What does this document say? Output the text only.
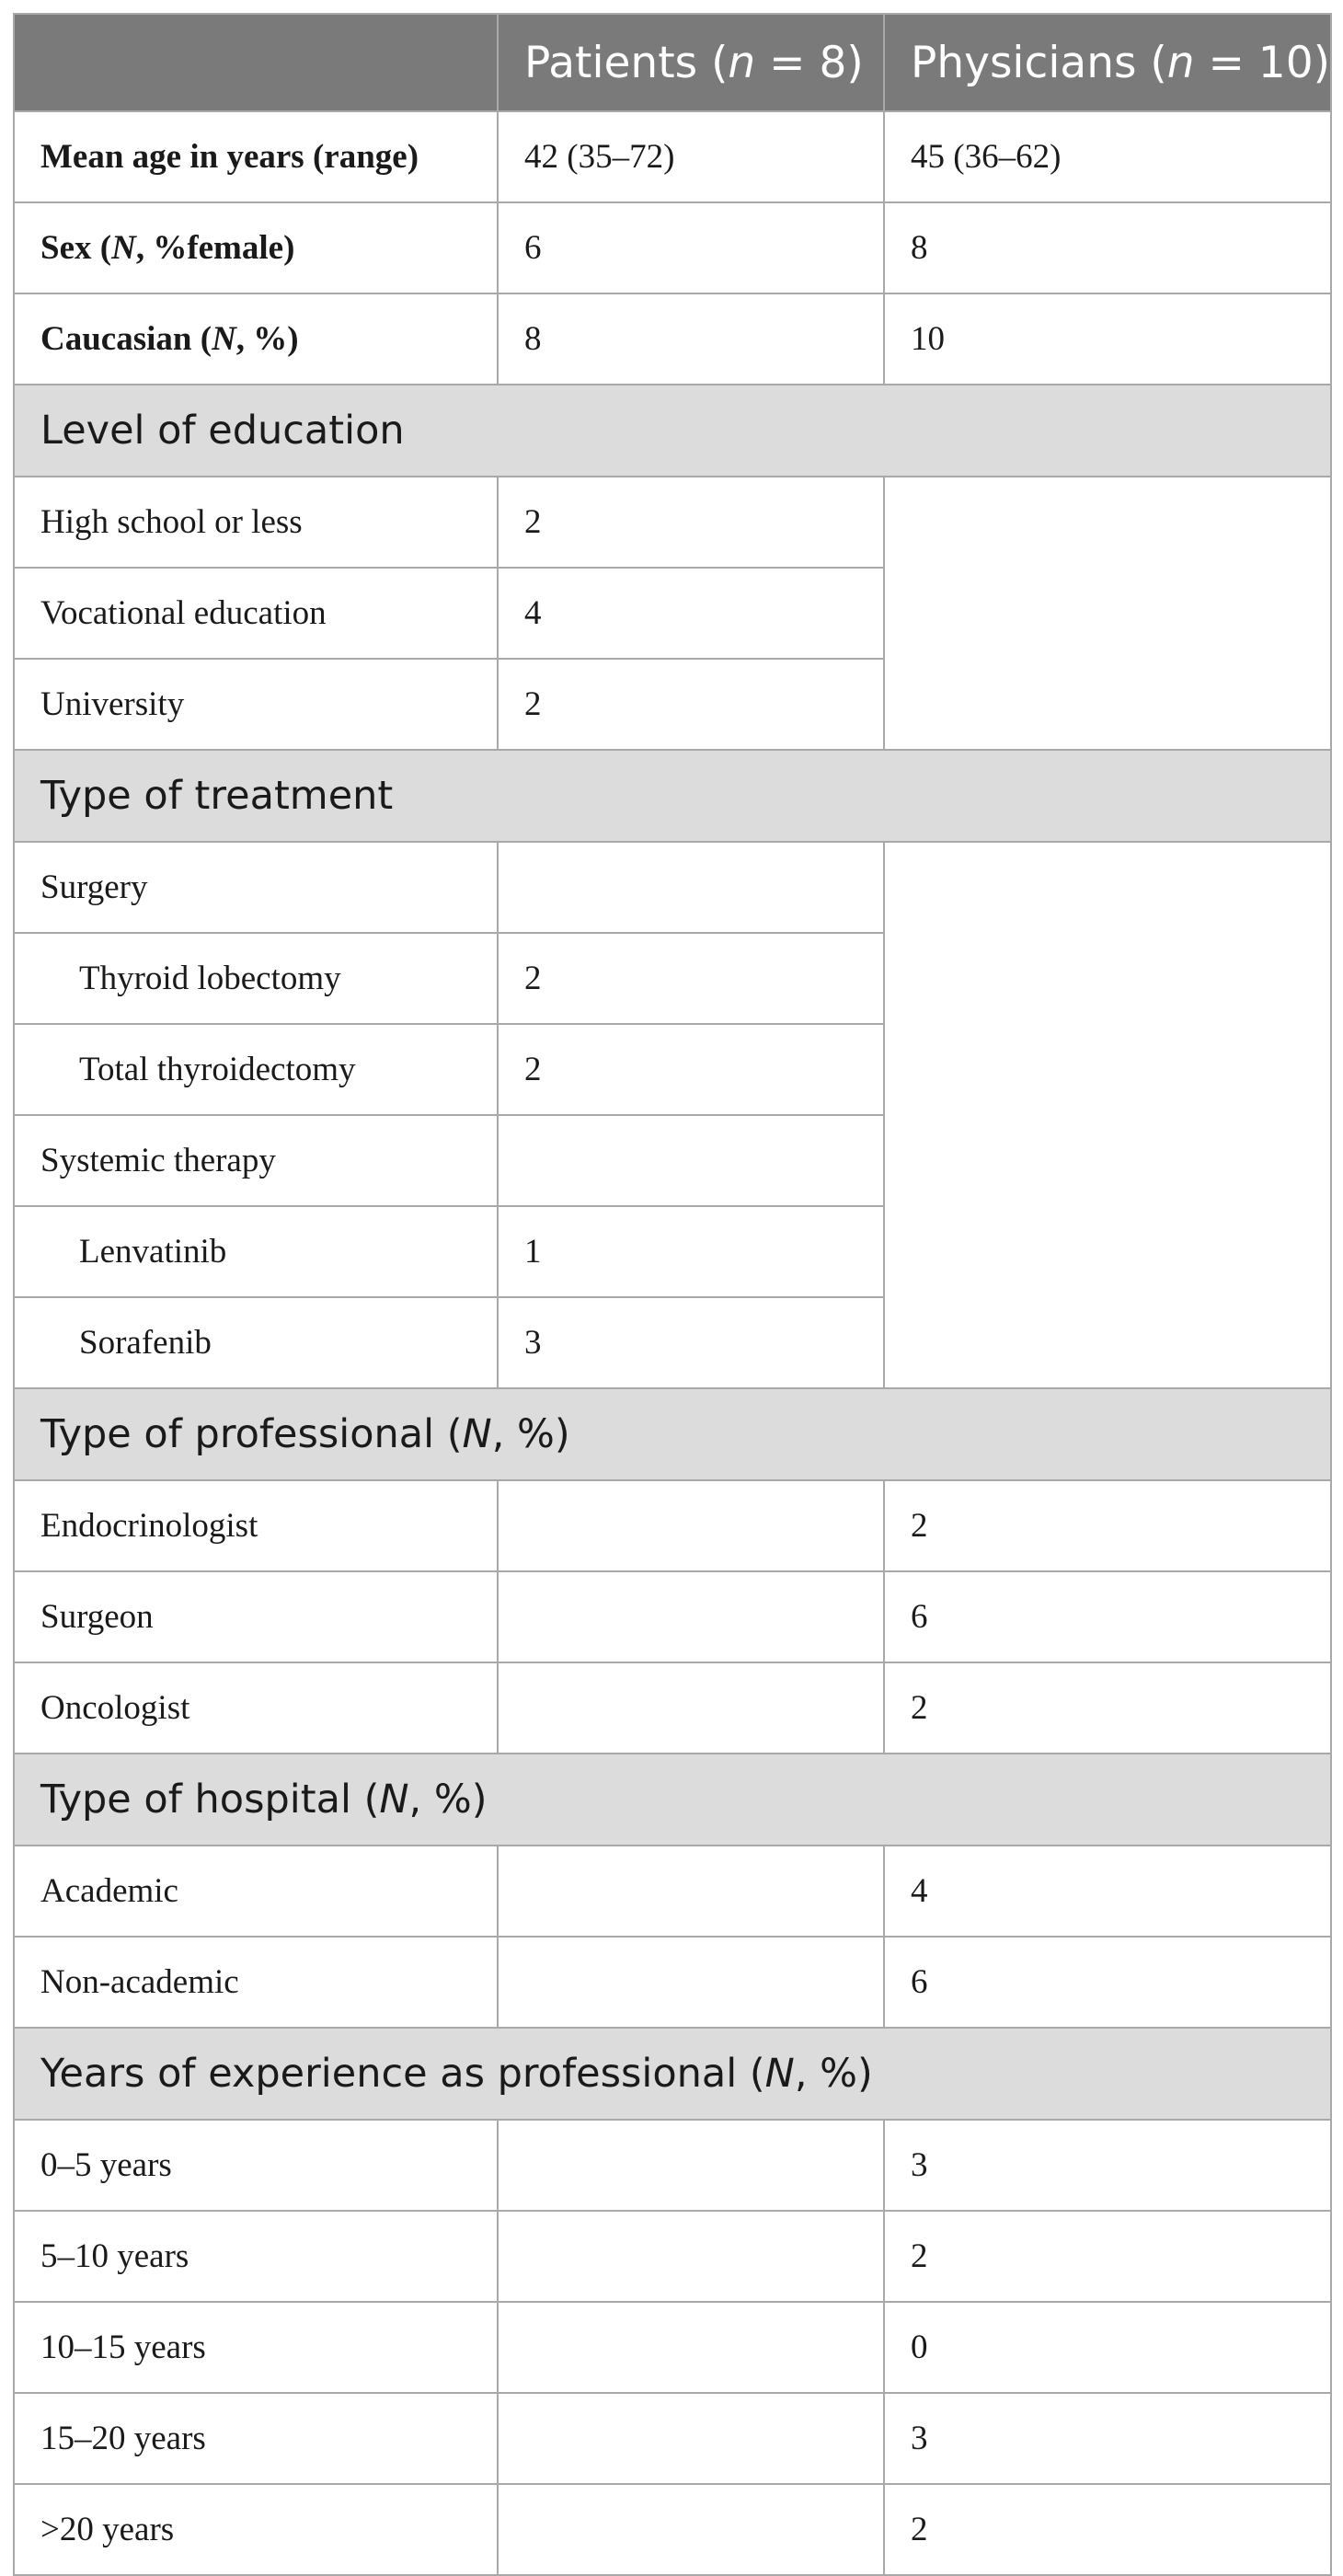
	Patients (n = 8)	Physicians (n = 10)
Mean age in years (range)	42 (35–72)	45 (36–62)
Sex (N, %female)	6	8
Caucasian (N, %)	8	10
Level of education		
High school or less	2	
Vocational education	4	
University	2	
Type of treatment		
Surgery		
Thyroid lobectomy	2	
Total thyroidectomy	2	
Systemic therapy		
Lenvatinib	1	
Sorafenib	3	
Type of professional (N, %)		
Endocrinologist		2
Surgeon		6
Oncologist		2
Type of hospital (N, %)		
Academic		4
Non-academic		6
Years of experience as professional (N, %)		
0–5 years		3
5–10 years		2
10–15 years		0
15–20 years		3
>20 years		2
